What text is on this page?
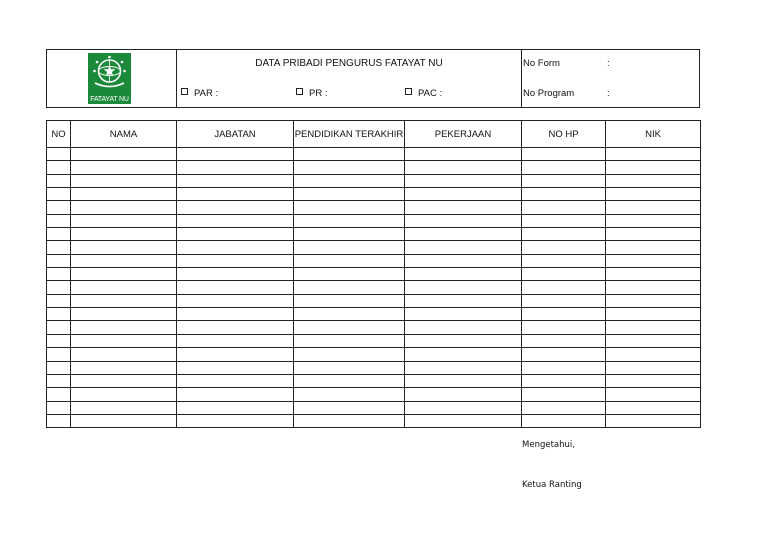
FATAYAT NU
DATA PRIBADI PENGURUS FATAYAT NU
PAR :	PR :	PAC :
No Form	:
No Program	:
NO	NAMA	JABATAN	PENDIDIKAN TERAKHIR	PEKERJAAN	NO HP	NIK

Mengetahui,
Ketua Ranting
